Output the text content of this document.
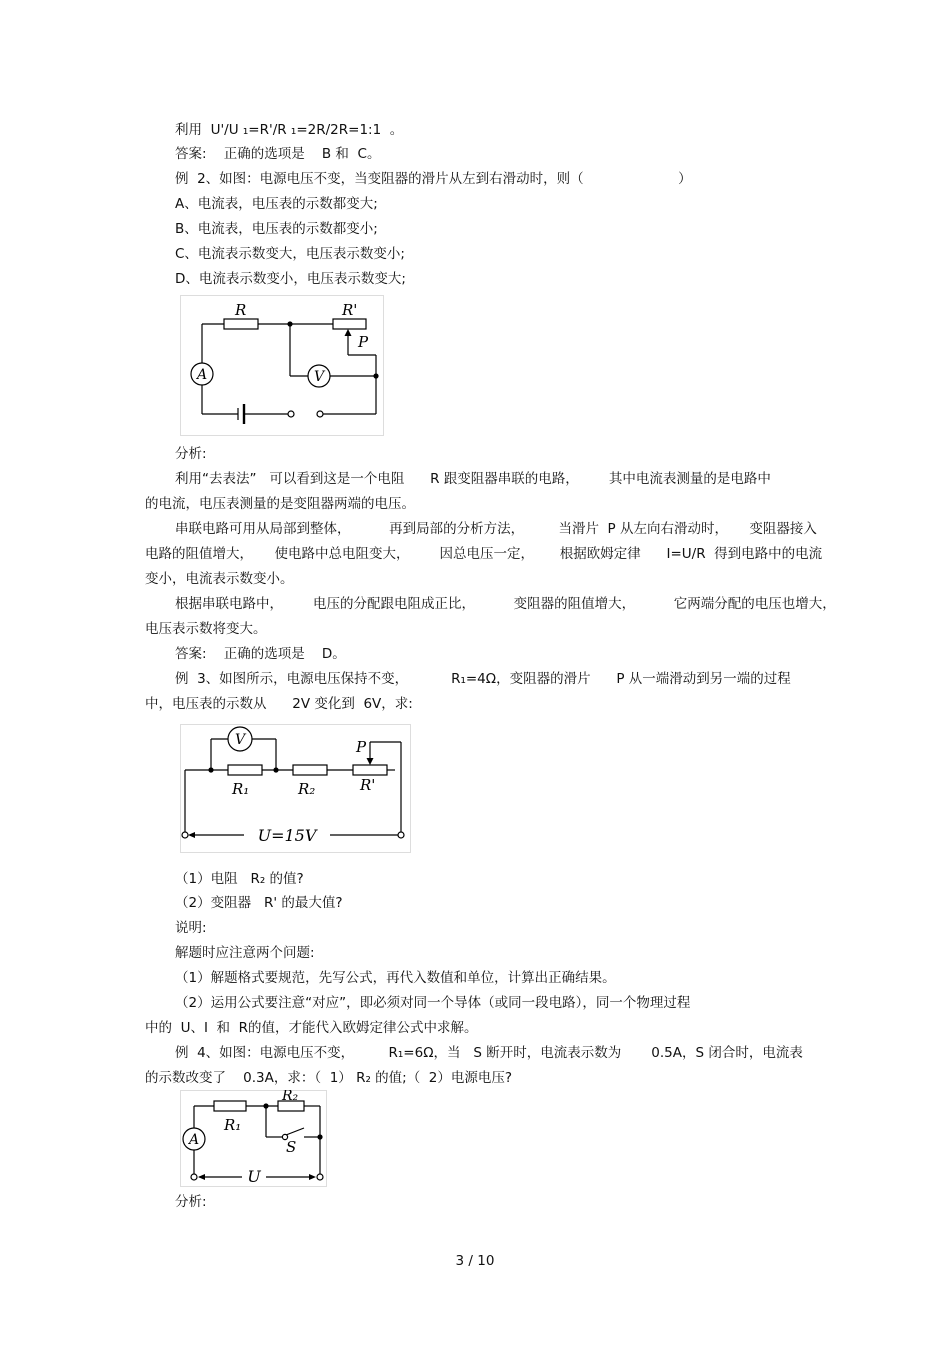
利用  U'/U ₁=R'/R ₁=2R/2R=1:1  。
答案:    正确的选项是    B 和  C。
例  2、如图：电源电压不变，当变阻器的滑片从左到右滑动时，则（                      ）
A、电流表，电压表的示数都变大;
B、电流表，电压表的示数都变小;
C、电流表示数变大，电压表示数变小;
D、电流表示数变小，电压表示数变大;
R	R'
P
A	V
分析:
利用“去表法”   可以看到这是一个电阻      R 跟变阻器串联的电路，       其中电流表测量的是电路中
的电流，电压表测量的是变阻器两端的电压。
串联电路可用从局部到整体，         再到局部的分析方法，        当滑片  P 从左向右滑动时，     变阻器接入
电路的阻值增大，     使电路中总电阻变大，       因总电压一定，      根据欧姆定律      I=U/R  得到电路中的电流
变小，电流表示数变小。
根据串联电路中，       电压的分配跟电阻成正比，         变阻器的阻值增大，         它两端分配的电压也增大，
电压表示数将变大。
答案:    正确的选项是    D。
例  3、如图所示，电源电压保持不变，          R₁=4Ω，变阻器的滑片      P 从一端滑动到另一端的过程
中，电压表的示数从      2V 变化到  6V，求:
V	P
R₁	R₂	R'
U=15V
（1）电阻   R₂ 的值?
（2）变阻器   R' 的最大值?
说明:
解题时应注意两个问题:
（1）解题格式要规范，先写公式，再代入数值和单位，计算出正确结果。
（2）运用公式要注意“对应”，即必须对同一个导体（或同一段电路），同一个物理过程
中的  U、I  和  R的值，才能代入欧姆定律公式中求解。
例  4、如图：电源电压不变，        R₁=6Ω，当   S 断开时，电流表示数为       0.5A，S 闭合时，电流表
的示数改变了    0.3A，求：（  1） R₂ 的值;（  2）电源电压?
A
R₁
R₂
S
U
分析:
3 / 10
